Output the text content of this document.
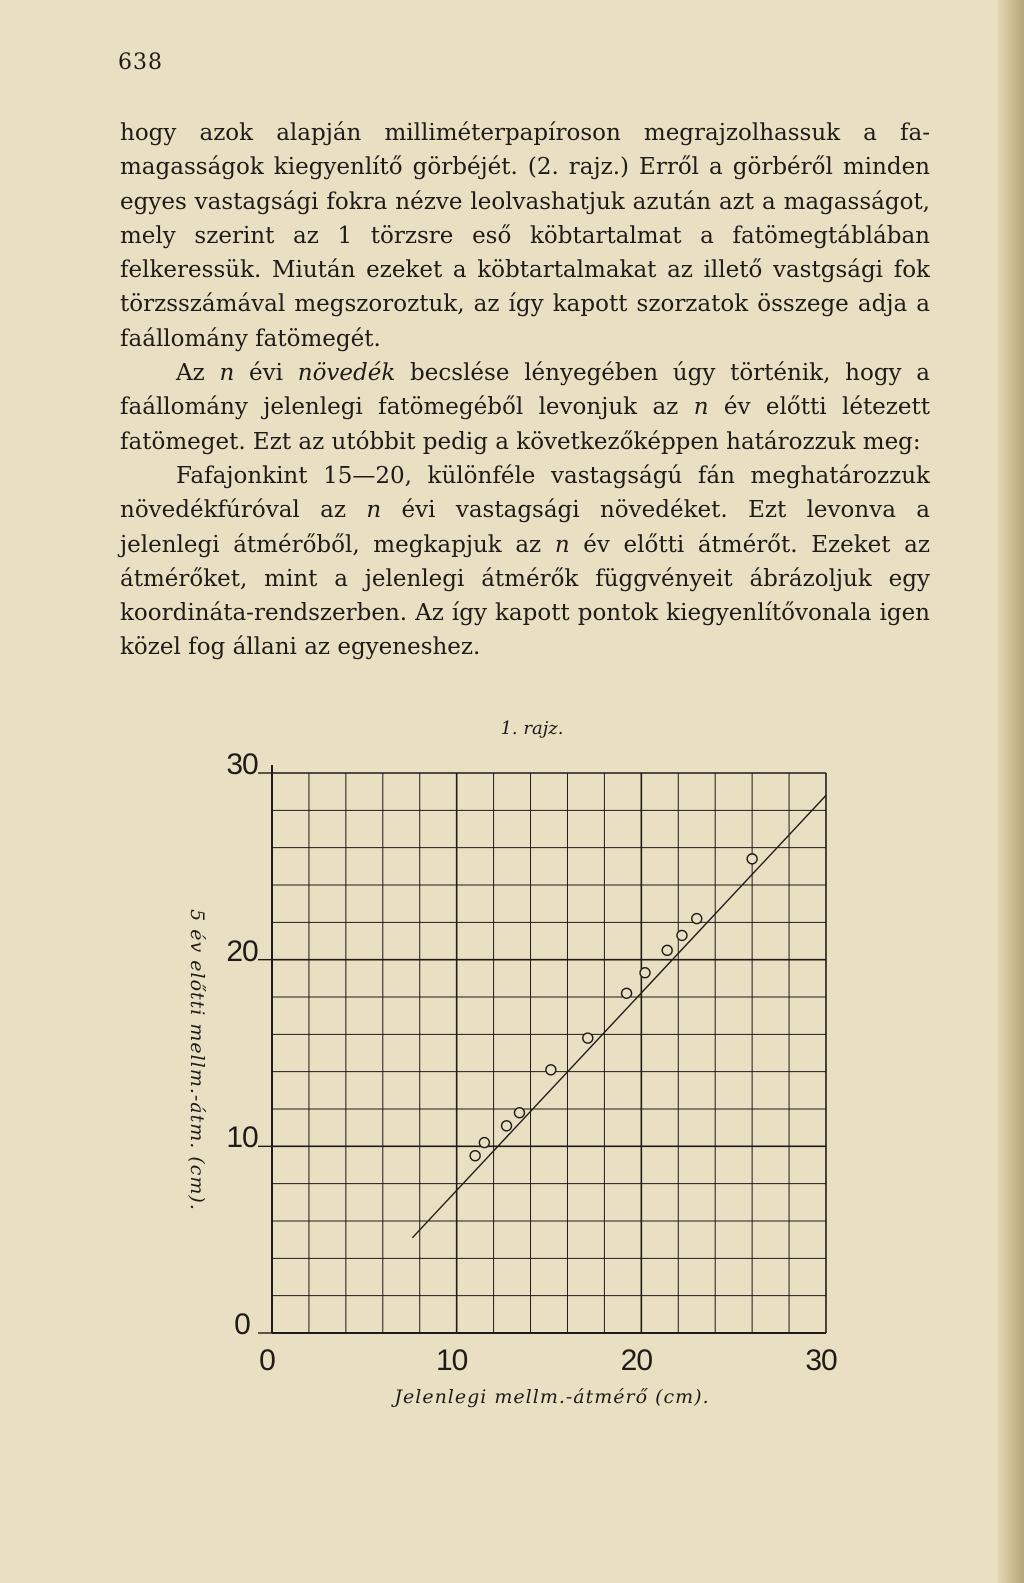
638

hogy azok alapján milliméterpapíroson megrajzolhassuk a famagasságok kiegyenlítő görbéjét. (2. rajz.) Erről a görbéről minden egyes vastagsági fokra nézve leolvashatjuk azután azt a magasságot, mely szerint az 1 törzsre eső köbtartalmat a fatömegtáblában felkeressük. Miután ezeket a köbtartalmakat az illető vastgsági fok törzsszámával megszoroztuk, az így kapott szorzatok összege adja a faállomány fatömegét.

Az n évi növedék becslése lényegében úgy történik, hogy a faállomány jelenlegi fatömegéből levonjuk az n év előtti létezett fatömeget. Ezt az utóbbit pedig a következőképpen határozzuk meg:

Fafajonkint 15—20, különféle vastagságú fán meghatározzuk növedékfúróval az n évi vastagsági növedéket. Ezt levonva a jelenlegi átmérőből, megkapjuk az n év előtti átmérőt. Ezeket az átmérőket, mint a jelenlegi átmérők függvényeit ábrázoljuk egy koordináta-rendszerben. Az így kapott pontok kiegyenlítővonala igen közel fog állani az egyeneshez.

1. rajz.
Jelenlegi mellm.-átmérő (cm).
0
10
20
30
0	10	20	30
5 év előtti mellm.-átm. (cm).
